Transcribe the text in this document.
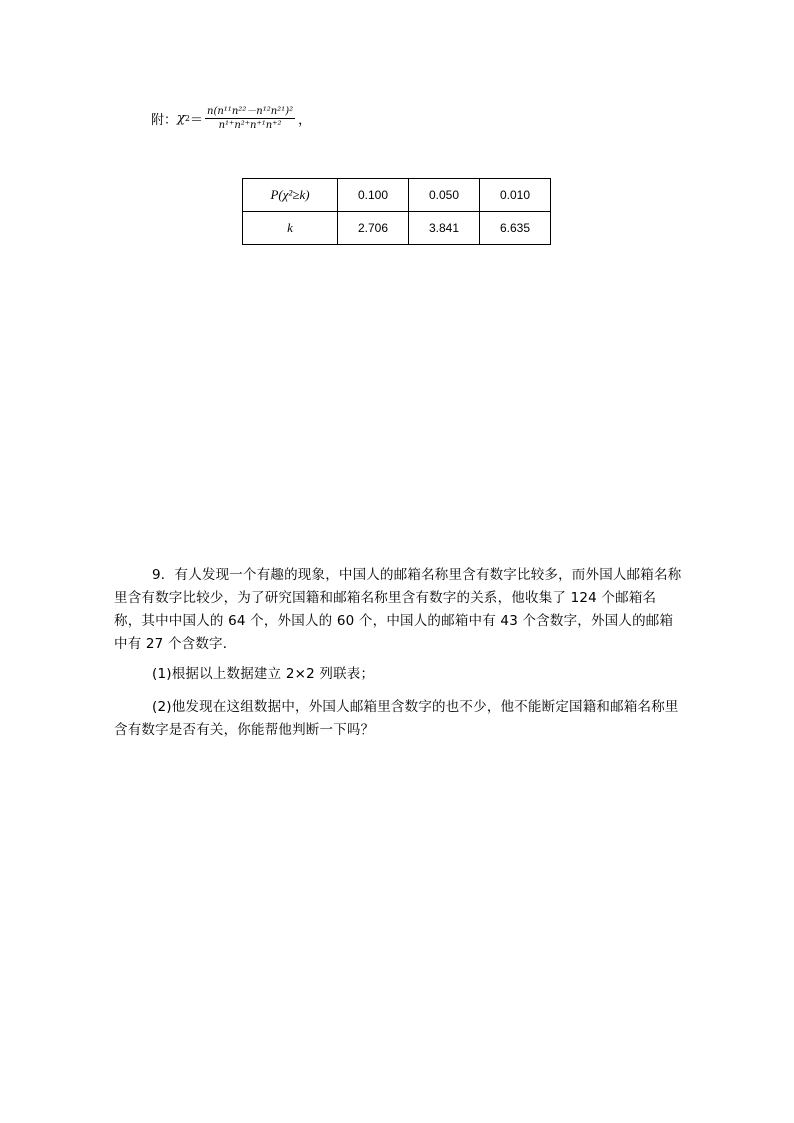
附： χ $2 = \frac{\text{n(n¹¹n²²－n¹²n²¹)²}}{\text{n¹⁺n²⁺n⁺¹n⁺²}}$ ，
P(χ²≥k)	0.100	0.050	0.010
k	2.706	3.841	6.635
9．有人发现一个有趣的现象，中国人的邮箱名称里含有数字比较多，而外国人邮箱名称里含有数字比较少，为了研究国籍和邮箱名称里含有数字的关系，他收集了 124 个邮箱名称，其中中国人的 64 个，外国人的 60 个，中国人的邮箱中有 43 个含数字，外国人的邮箱中有 27 个含数字．
(1)根据以上数据建立 2×2 列联表；
(2)他发现在这组数据中，外国人邮箱里含数字的也不少，他不能断定国籍和邮箱名称里含有数字是否有关，你能帮他判断一下吗？
